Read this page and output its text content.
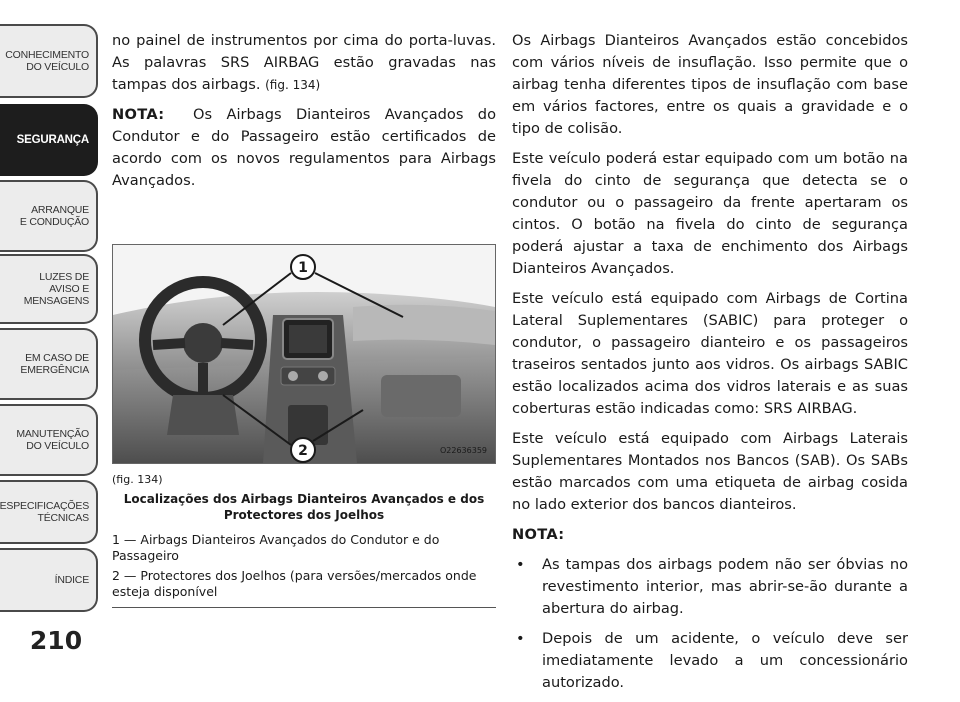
CONHECIMENTO
DO VEÍCULO
SEGURANÇA
ARRANQUE
E CONDUÇÃO
LUZES DE
AVISO E
MENSAGENS
EM CASO DE
EMERGÊNCIA
MANUTENÇÃO
DO VEÍCULO
ESPECIFICAÇÕES
TÉCNICAS
ÍNDICE
210

no painel de instrumentos por cima do porta-luvas. As palavras SRS AIRBAG estão gravadas nas tampas dos airbags. (fig. 134)

NOTA: Os Airbags Dianteiros Avançados do Condutor e do Passageiro estão certificados de acordo com os novos regulamentos para Airbags Avançados.

1
2	O22636359
(fig. 134)
Localizações dos Airbags Dianteiros Avançados e dos Protectores dos Joelhos
1 — Airbags Dianteiros Avançados do Condutor e do Passageiro
2 — Protectores dos Joelhos (para versões/mercados onde esteja disponível

Os Airbags Dianteiros Avançados estão concebidos com vários níveis de insuflação. Isso permite que o airbag tenha diferentes tipos de insuflação com base em vários factores, entre os quais a gravidade e o tipo de colisão.

Este veículo poderá estar equipado com um botão na fivela do cinto de segurança que detecta se o condutor ou o passageiro da frente apertaram os cintos. O botão na fivela do cinto de segurança poderá ajustar a taxa de enchimento dos Airbags Dianteiros Avançados.

Este veículo está equipado com Airbags de Cortina Lateral Suplementares (SABIC) para proteger o condutor, o passageiro dianteiro e os passageiros traseiros sentados junto aos vidros. Os airbags SABIC estão localizados acima dos vidros laterais e as suas coberturas estão indicadas como: SRS AIRBAG.

Este veículo está equipado com Airbags Laterais Suplementares Montados nos Bancos (SAB). Os SABs estão marcados com uma etiqueta de airbag cosida no lado exterior dos bancos dianteiros.

NOTA:

• As tampas dos airbags podem não ser óbvias no revestimento interior, mas abrir-se-ão durante a abertura do airbag.
• Depois de um acidente, o veículo deve ser imediatamente levado a um concessionário autorizado.
